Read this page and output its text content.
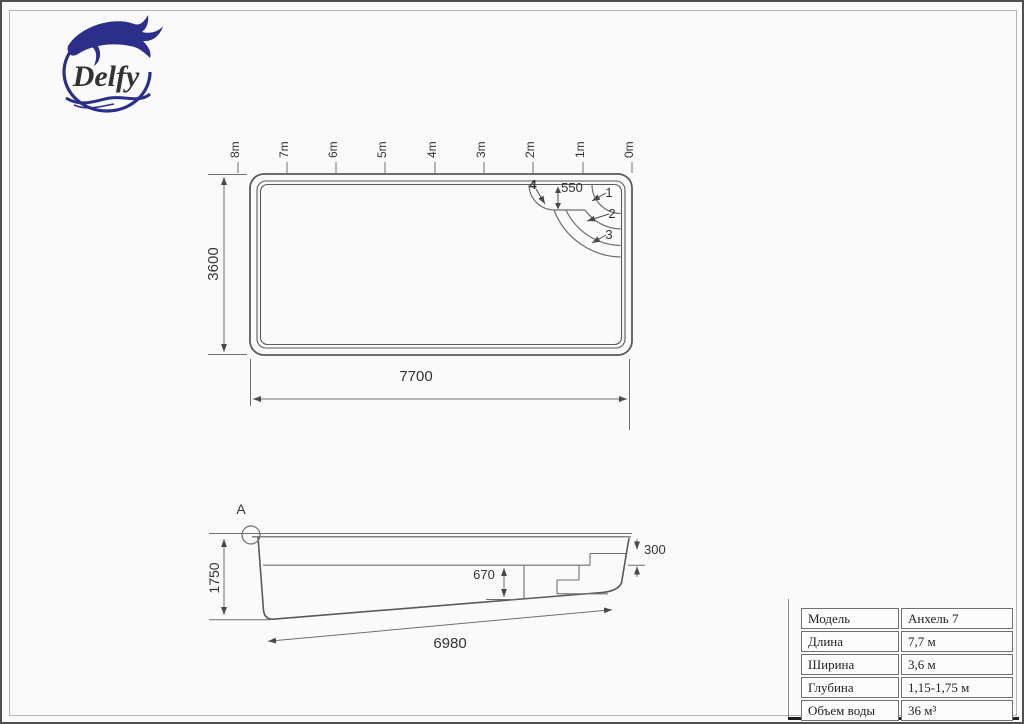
Delfy
8m	7m	6m	5m	4m	3m	2m	1m	0m
1
2
3
4 550
3600
7700
A
1750	670
300
6980
Модель	Анхель 7
Длина	7,7 м
Ширина	3,6 м
Глубина	1,15-1,75 м
Объем воды	36 м³
